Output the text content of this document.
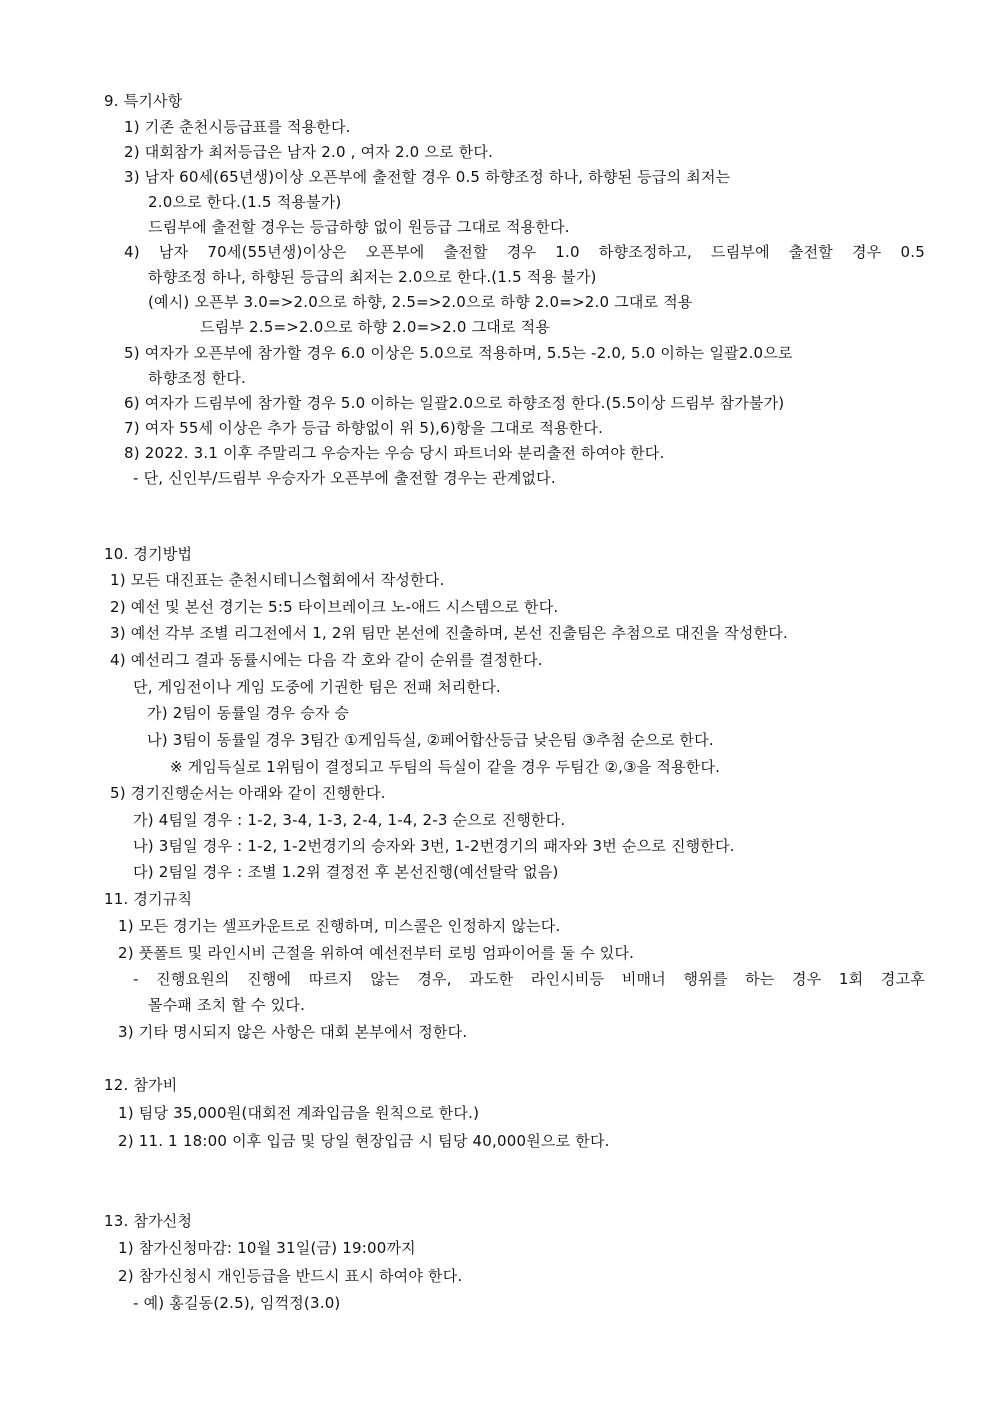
9. 특기사항
1) 기존 춘천시등급표를 적용한다.
2) 대회참가 최저등급은 남자 2.0 , 여자 2.0 으로 한다.
3) 남자 60세(65년생)이상 오픈부에 출전할 경우 0.5 하향조정 하나, 하향된 등급의 최저는
2.0으로 한다.(1.5 적용불가)
드림부에 출전할 경우는 등급하향 없이 원등급 그대로 적용한다.
4) 남자 70세(55년생)이상은 오픈부에 출전할 경우 1.0 하향조정하고, 드림부에 출전할 경우 0.5
하향조정 하나, 하향된 등급의 최저는 2.0으로 한다.(1.5 적용 불가)
(예시) 오픈부 3.0=>2.0으로 하향, 2.5=>2.0으로 하향 2.0=>2.0 그대로 적용
드림부 2.5=>2.0으로 하향 2.0=>2.0 그대로 적용
5) 여자가 오픈부에 참가할 경우 6.0 이상은 5.0으로 적용하며, 5.5는 -2.0, 5.0 이하는 일괄2.0으로
하향조정 한다.
6) 여자가 드림부에 참가할 경우 5.0 이하는 일괄2.0으로 하향조정 한다.(5.5이상 드림부 참가불가)
7) 여자 55세 이상은 추가 등급 하향없이 위 5),6)항을 그대로 적용한다.
8) 2022. 3.1 이후 주말리그 우승자는 우승 당시 파트너와 분리출전 하여야 한다.
- 단, 신인부/드림부 우승자가 오픈부에 출전할 경우는 관계없다.
10. 경기방법
1) 모든 대진표는 춘천시테니스협회에서 작성한다.
2) 예선 및 본선 경기는 5:5 타이브레이크 노-애드 시스템으로 한다.
3) 예선 각부 조별 리그전에서 1, 2위 팀만 본선에 진출하며, 본선 진출팀은 추첨으로 대진을 작성한다.
4) 예선리그 결과 동률시에는 다음 각 호와 같이 순위를 결정한다.
단, 게임전이나 게임 도중에 기권한 팀은 전패 처리한다.
가) 2팀이 동률일 경우 승자 승
나) 3팀이 동률일 경우 3팀간 ①게임득실, ②페어합산등급 낮은팀 ③추첨 순으로 한다.
※ 게임득실로 1위팀이 결정되고 두팀의 득실이 같을 경우 두팀간 ②,③을 적용한다.
5) 경기진행순서는 아래와 같이 진행한다.
가) 4팀일 경우 : 1-2, 3-4, 1-3, 2-4, 1-4, 2-3 순으로 진행한다.
나) 3팀일 경우 : 1-2, 1-2번경기의 승자와 3번, 1-2번경기의 패자와 3번 순으로 진행한다.
다) 2팀일 경우 : 조별 1.2위 결정전 후 본선진행(예선탈락 없음)
11. 경기규칙
1) 모든 경기는 셀프카운트로 진행하며, 미스콜은 인정하지 않는다.
2) 풋폴트 및 라인시비 근절을 위하여 예선전부터 로빙 엄파이어를 둘 수 있다.
- 진행요원의 진행에 따르지 않는 경우, 과도한 라인시비등 비매너 행위를 하는 경우 1회 경고후
몰수패 조치 할 수 있다.
3) 기타 명시되지 않은 사항은 대회 본부에서 정한다.
12. 참가비
1) 팀당 35,000원(대회전 계좌입금을 원칙으로 한다.)
2) 11. 1 18:00 이후 입금 및 당일 현장입금 시 팀당 40,000원으로 한다.
13. 참가신청
1) 참가신청마감: 10월 31일(금) 19:00까지
2) 참가신청시 개인등급을 반드시 표시 하여야 한다.
- 예) 홍길동(2.5), 임꺽정(3.0)
